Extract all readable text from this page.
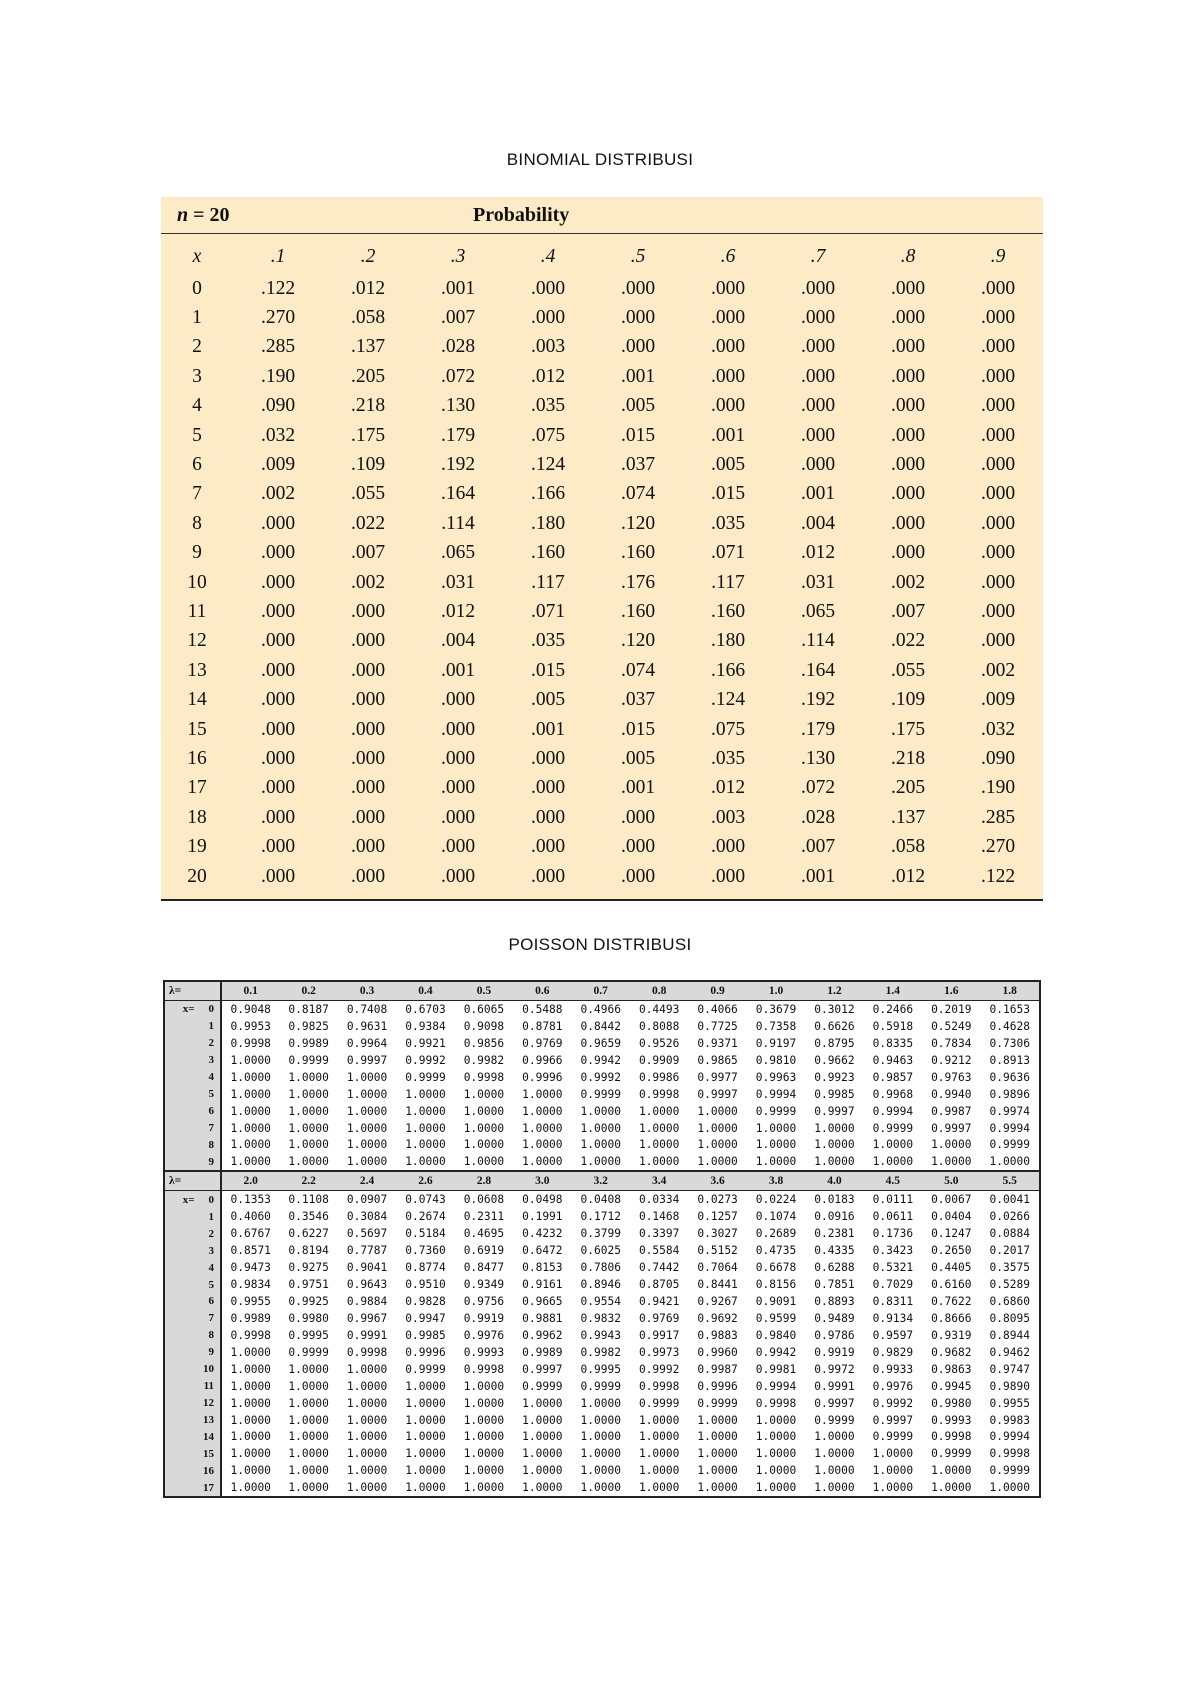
BINOMIAL DISTRIBUSI
n = 20		Probability							
x	.1	.2	.3	.4	.5	.6	.7	.8	.9
0	.122	.012	.001	.000	.000	.000	.000	.000	.000
1	.270	.058	.007	.000	.000	.000	.000	.000	.000
2	.285	.137	.028	.003	.000	.000	.000	.000	.000
3	.190	.205	.072	.012	.001	.000	.000	.000	.000
4	.090	.218	.130	.035	.005	.000	.000	.000	.000
5	.032	.175	.179	.075	.015	.001	.000	.000	.000
6	.009	.109	.192	.124	.037	.005	.000	.000	.000
7	.002	.055	.164	.166	.074	.015	.001	.000	.000
8	.000	.022	.114	.180	.120	.035	.004	.000	.000
9	.000	.007	.065	.160	.160	.071	.012	.000	.000
10	.000	.002	.031	.117	.176	.117	.031	.002	.000
11	.000	.000	.012	.071	.160	.160	.065	.007	.000
12	.000	.000	.004	.035	.120	.180	.114	.022	.000
13	.000	.000	.001	.015	.074	.166	.164	.055	.002
14	.000	.000	.000	.005	.037	.124	.192	.109	.009
15	.000	.000	.000	.001	.015	.075	.179	.175	.032
16	.000	.000	.000	.000	.005	.035	.130	.218	.090
17	.000	.000	.000	.000	.001	.012	.072	.205	.190
18	.000	.000	.000	.000	.000	.003	.028	.137	.285
19	.000	.000	.000	.000	.000	.000	.007	.058	.270
20	.000	.000	.000	.000	.000	.000	.001	.012	.122
POISSON DISTRIBUSI
λ=	0.1	0.2	0.3	0.4	0.5	0.6	0.7	0.8	0.9	1.0	1.2	1.4	1.6	1.8
x= 0	0.9048	0.8187	0.7408	0.6703	0.6065	0.5488	0.4966	0.4493	0.4066	0.3679	0.3012	0.2466	0.2019	0.1653
1	0.9953	0.9825	0.9631	0.9384	0.9098	0.8781	0.8442	0.8088	0.7725	0.7358	0.6626	0.5918	0.5249	0.4628
2	0.9998	0.9989	0.9964	0.9921	0.9856	0.9769	0.9659	0.9526	0.9371	0.9197	0.8795	0.8335	0.7834	0.7306
3	1.0000	0.9999	0.9997	0.9992	0.9982	0.9966	0.9942	0.9909	0.9865	0.9810	0.9662	0.9463	0.9212	0.8913
4	1.0000	1.0000	1.0000	0.9999	0.9998	0.9996	0.9992	0.9986	0.9977	0.9963	0.9923	0.9857	0.9763	0.9636
5	1.0000	1.0000	1.0000	1.0000	1.0000	1.0000	0.9999	0.9998	0.9997	0.9994	0.9985	0.9968	0.9940	0.9896
6	1.0000	1.0000	1.0000	1.0000	1.0000	1.0000	1.0000	1.0000	1.0000	0.9999	0.9997	0.9994	0.9987	0.9974
7	1.0000	1.0000	1.0000	1.0000	1.0000	1.0000	1.0000	1.0000	1.0000	1.0000	1.0000	0.9999	0.9997	0.9994
8	1.0000	1.0000	1.0000	1.0000	1.0000	1.0000	1.0000	1.0000	1.0000	1.0000	1.0000	1.0000	1.0000	0.9999
9	1.0000	1.0000	1.0000	1.0000	1.0000	1.0000	1.0000	1.0000	1.0000	1.0000	1.0000	1.0000	1.0000	1.0000
λ=	2.0	2.2	2.4	2.6	2.8	3.0	3.2	3.4	3.6	3.8	4.0	4.5	5.0	5.5
x= 0	0.1353	0.1108	0.0907	0.0743	0.0608	0.0498	0.0408	0.0334	0.0273	0.0224	0.0183	0.0111	0.0067	0.0041
1	0.4060	0.3546	0.3084	0.2674	0.2311	0.1991	0.1712	0.1468	0.1257	0.1074	0.0916	0.0611	0.0404	0.0266
2	0.6767	0.6227	0.5697	0.5184	0.4695	0.4232	0.3799	0.3397	0.3027	0.2689	0.2381	0.1736	0.1247	0.0884
3	0.8571	0.8194	0.7787	0.7360	0.6919	0.6472	0.6025	0.5584	0.5152	0.4735	0.4335	0.3423	0.2650	0.2017
4	0.9473	0.9275	0.9041	0.8774	0.8477	0.8153	0.7806	0.7442	0.7064	0.6678	0.6288	0.5321	0.4405	0.3575
5	0.9834	0.9751	0.9643	0.9510	0.9349	0.9161	0.8946	0.8705	0.8441	0.8156	0.7851	0.7029	0.6160	0.5289
6	0.9955	0.9925	0.9884	0.9828	0.9756	0.9665	0.9554	0.9421	0.9267	0.9091	0.8893	0.8311	0.7622	0.6860
7	0.9989	0.9980	0.9967	0.9947	0.9919	0.9881	0.9832	0.9769	0.9692	0.9599	0.9489	0.9134	0.8666	0.8095
8	0.9998	0.9995	0.9991	0.9985	0.9976	0.9962	0.9943	0.9917	0.9883	0.9840	0.9786	0.9597	0.9319	0.8944
9	1.0000	0.9999	0.9998	0.9996	0.9993	0.9989	0.9982	0.9973	0.9960	0.9942	0.9919	0.9829	0.9682	0.9462
10	1.0000	1.0000	1.0000	0.9999	0.9998	0.9997	0.9995	0.9992	0.9987	0.9981	0.9972	0.9933	0.9863	0.9747
11	1.0000	1.0000	1.0000	1.0000	1.0000	0.9999	0.9999	0.9998	0.9996	0.9994	0.9991	0.9976	0.9945	0.9890
12	1.0000	1.0000	1.0000	1.0000	1.0000	1.0000	1.0000	0.9999	0.9999	0.9998	0.9997	0.9992	0.9980	0.9955
13	1.0000	1.0000	1.0000	1.0000	1.0000	1.0000	1.0000	1.0000	1.0000	1.0000	0.9999	0.9997	0.9993	0.9983
14	1.0000	1.0000	1.0000	1.0000	1.0000	1.0000	1.0000	1.0000	1.0000	1.0000	1.0000	0.9999	0.9998	0.9994
15	1.0000	1.0000	1.0000	1.0000	1.0000	1.0000	1.0000	1.0000	1.0000	1.0000	1.0000	1.0000	0.9999	0.9998
16	1.0000	1.0000	1.0000	1.0000	1.0000	1.0000	1.0000	1.0000	1.0000	1.0000	1.0000	1.0000	1.0000	0.9999
17	1.0000	1.0000	1.0000	1.0000	1.0000	1.0000	1.0000	1.0000	1.0000	1.0000	1.0000	1.0000	1.0000	1.0000
